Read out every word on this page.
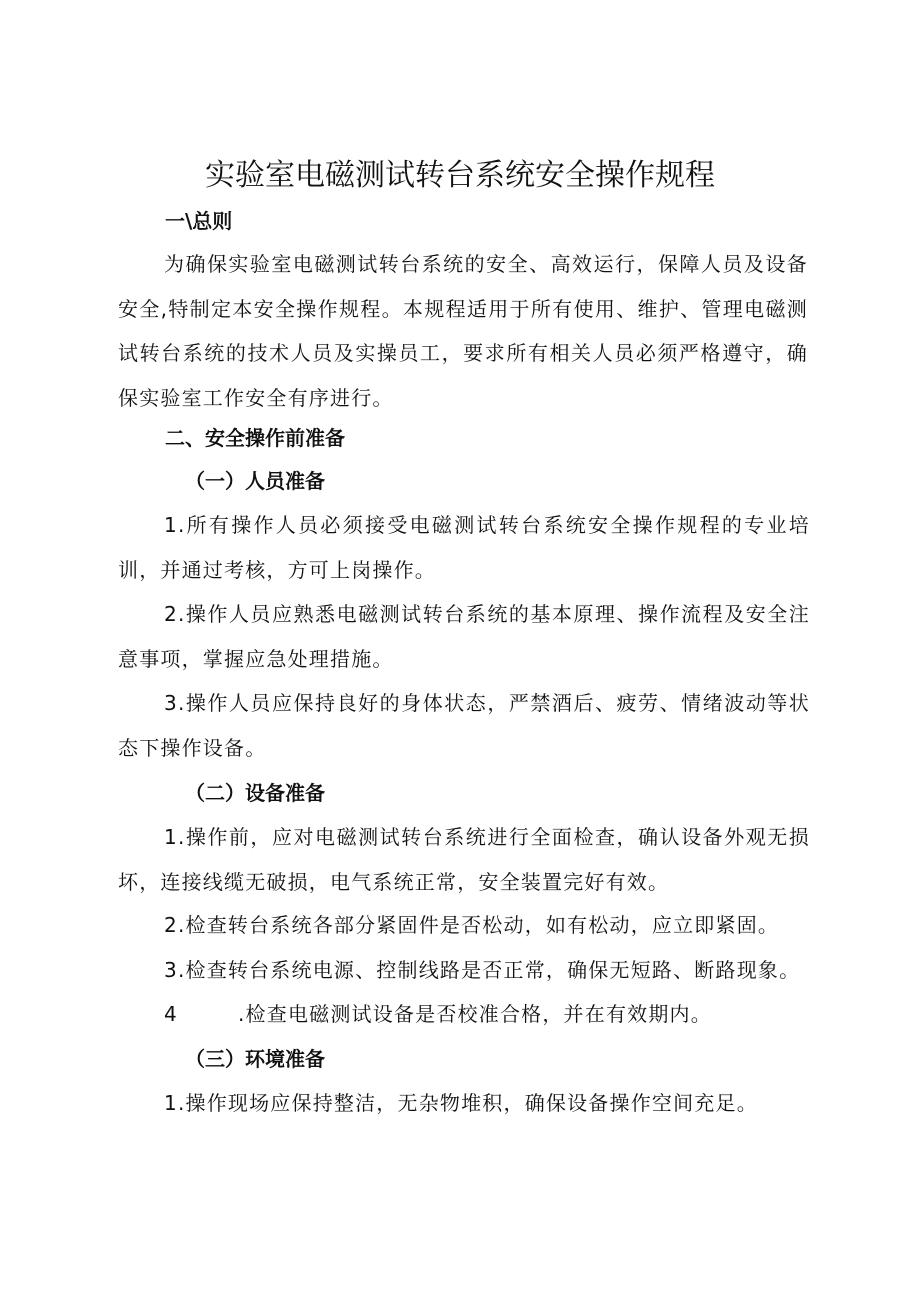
实验室电磁测试转台系统安全操作规程
一\总则

为确保实验室电磁测试转台系统的安全、高效运行，保障人员及设备安全,特制定本安全操作规程。本规程适用于所有使用、维护、管理电磁测试转台系统的技术人员及实操员工，要求所有相关人员必须严格遵守，确保实验室工作安全有序进行。

二、安全操作前准备
（一）人员准备

1.所有操作人员必须接受电磁测试转台系统安全操作规程的专业培训，并通过考核，方可上岗操作。

2.操作人员应熟悉电磁测试转台系统的基本原理、操作流程及安全注意事项，掌握应急处理措施。

3.操作人员应保持良好的身体状态，严禁酒后、疲劳、情绪波动等状态下操作设备。

（二）设备准备

1.操作前，应对电磁测试转台系统进行全面检查，确认设备外观无损坏，连接线缆无破损，电气系统正常，安全装置完好有效。

2.检查转台系统各部分紧固件是否松动，如有松动，应立即紧固。

3.检查转台系统电源、控制线路是否正常，确保无短路、断路现象。

4	.检查电磁测试设备是否校准合格，并在有效期内。

（三）环境准备

1.操作现场应保持整洁，无杂物堆积，确保设备操作空间充足。
